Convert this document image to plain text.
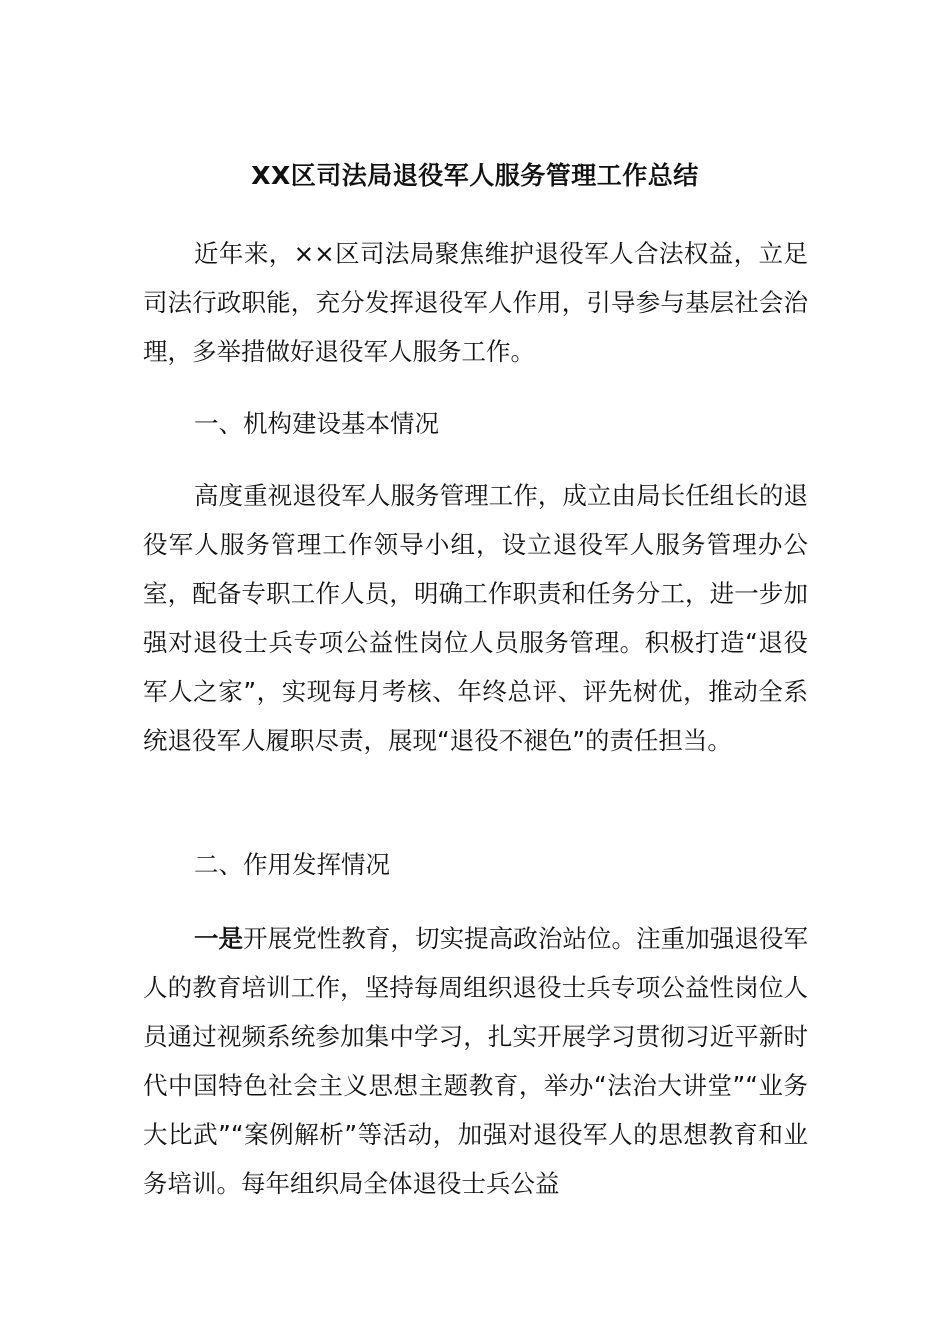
XX区司法局退役军人服务管理工作总结

近年来，××区司法局聚焦维护退役军人合法权益，立足司法行政职能，充分发挥退役军人作用，引导参与基层社会治理，多举措做好退役军人服务工作。

一、机构建设基本情况

高度重视退役军人服务管理工作，成立由局长任组长的退役军人服务管理工作领导小组，设立退役军人服务管理办公室，配备专职工作人员，明确工作职责和任务分工，进一步加强对退役士兵专项公益性岗位人员服务管理。积极打造“退役军人之家”，实现每月考核、年终总评、评先树优，推动全系统退役军人履职尽责，展现“退役不褪色”的责任担当。

二、作用发挥情况

一是开展党性教育，切实提高政治站位。注重加强退役军人的教育培训工作，坚持每周组织退役士兵专项公益性岗位人员通过视频系统参加集中学习，扎实开展学习贯彻习近平新时代中国特色社会主义思想主题教育，举办“法治大讲堂”“业务大比武”“案例解析”等活动，加强对退役军人的思想教育和业务培训。每年组织局全体退役士兵公益
